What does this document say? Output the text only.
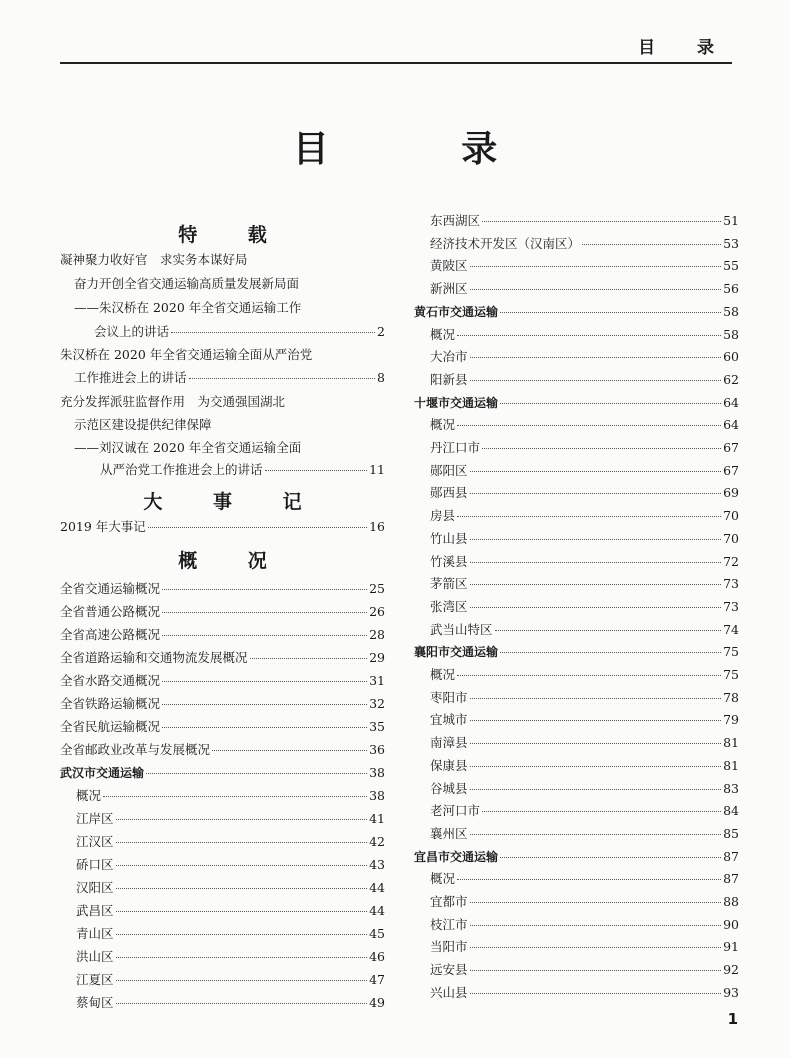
目 录
目 录
特 载
凝神聚力收好官　求实务本谋好局
奋力开创全省交通运输高质量发展新局面
——朱汉桥在 2020 年全省交通运输工作
会议上的讲话	2
朱汉桥在 2020 年全省交通运输全面从严治党
工作推进会上的讲话	8
充分发挥派驻监督作用　为交通强国湖北
示范区建设提供纪律保障
——刘汉诚在 2020 年全省交通运输全面
从严治党工作推进会上的讲话	11
大 事 记
2019 年大事记	16
概 况
全省交通运输概况	25
全省普通公路概况	26
全省高速公路概况	28
全省道路运输和交通物流发展概况	29
全省水路交通概况	31
全省铁路运输概况	32
全省民航运输概况	35
全省邮政业改革与发展概况	36
武汉市交通运输	38
概况	38
江岸区	41
江汉区	42
硚口区	43
汉阳区	44
武昌区	44
青山区	45
洪山区	46
江夏区	47
蔡甸区	49
东西湖区	51
经济技术开发区（汉南区）	53
黄陂区	55
新洲区	56
黄石市交通运输	58
概况	58
大冶市	60
阳新县	62
十堰市交通运输	64
概况	64
丹江口市	67
郧阳区	67
郧西县	69
房县	70
竹山县	70
竹溪县	72
茅箭区	73
张湾区	73
武当山特区	74
襄阳市交通运输	75
概况	75
枣阳市	78
宜城市	79
南漳县	81
保康县	81
谷城县	83
老河口市	84
襄州区	85
宜昌市交通运输	87
概况	87
宜都市	88
枝江市	90
当阳市	91
远安县	92
兴山县	93
1
